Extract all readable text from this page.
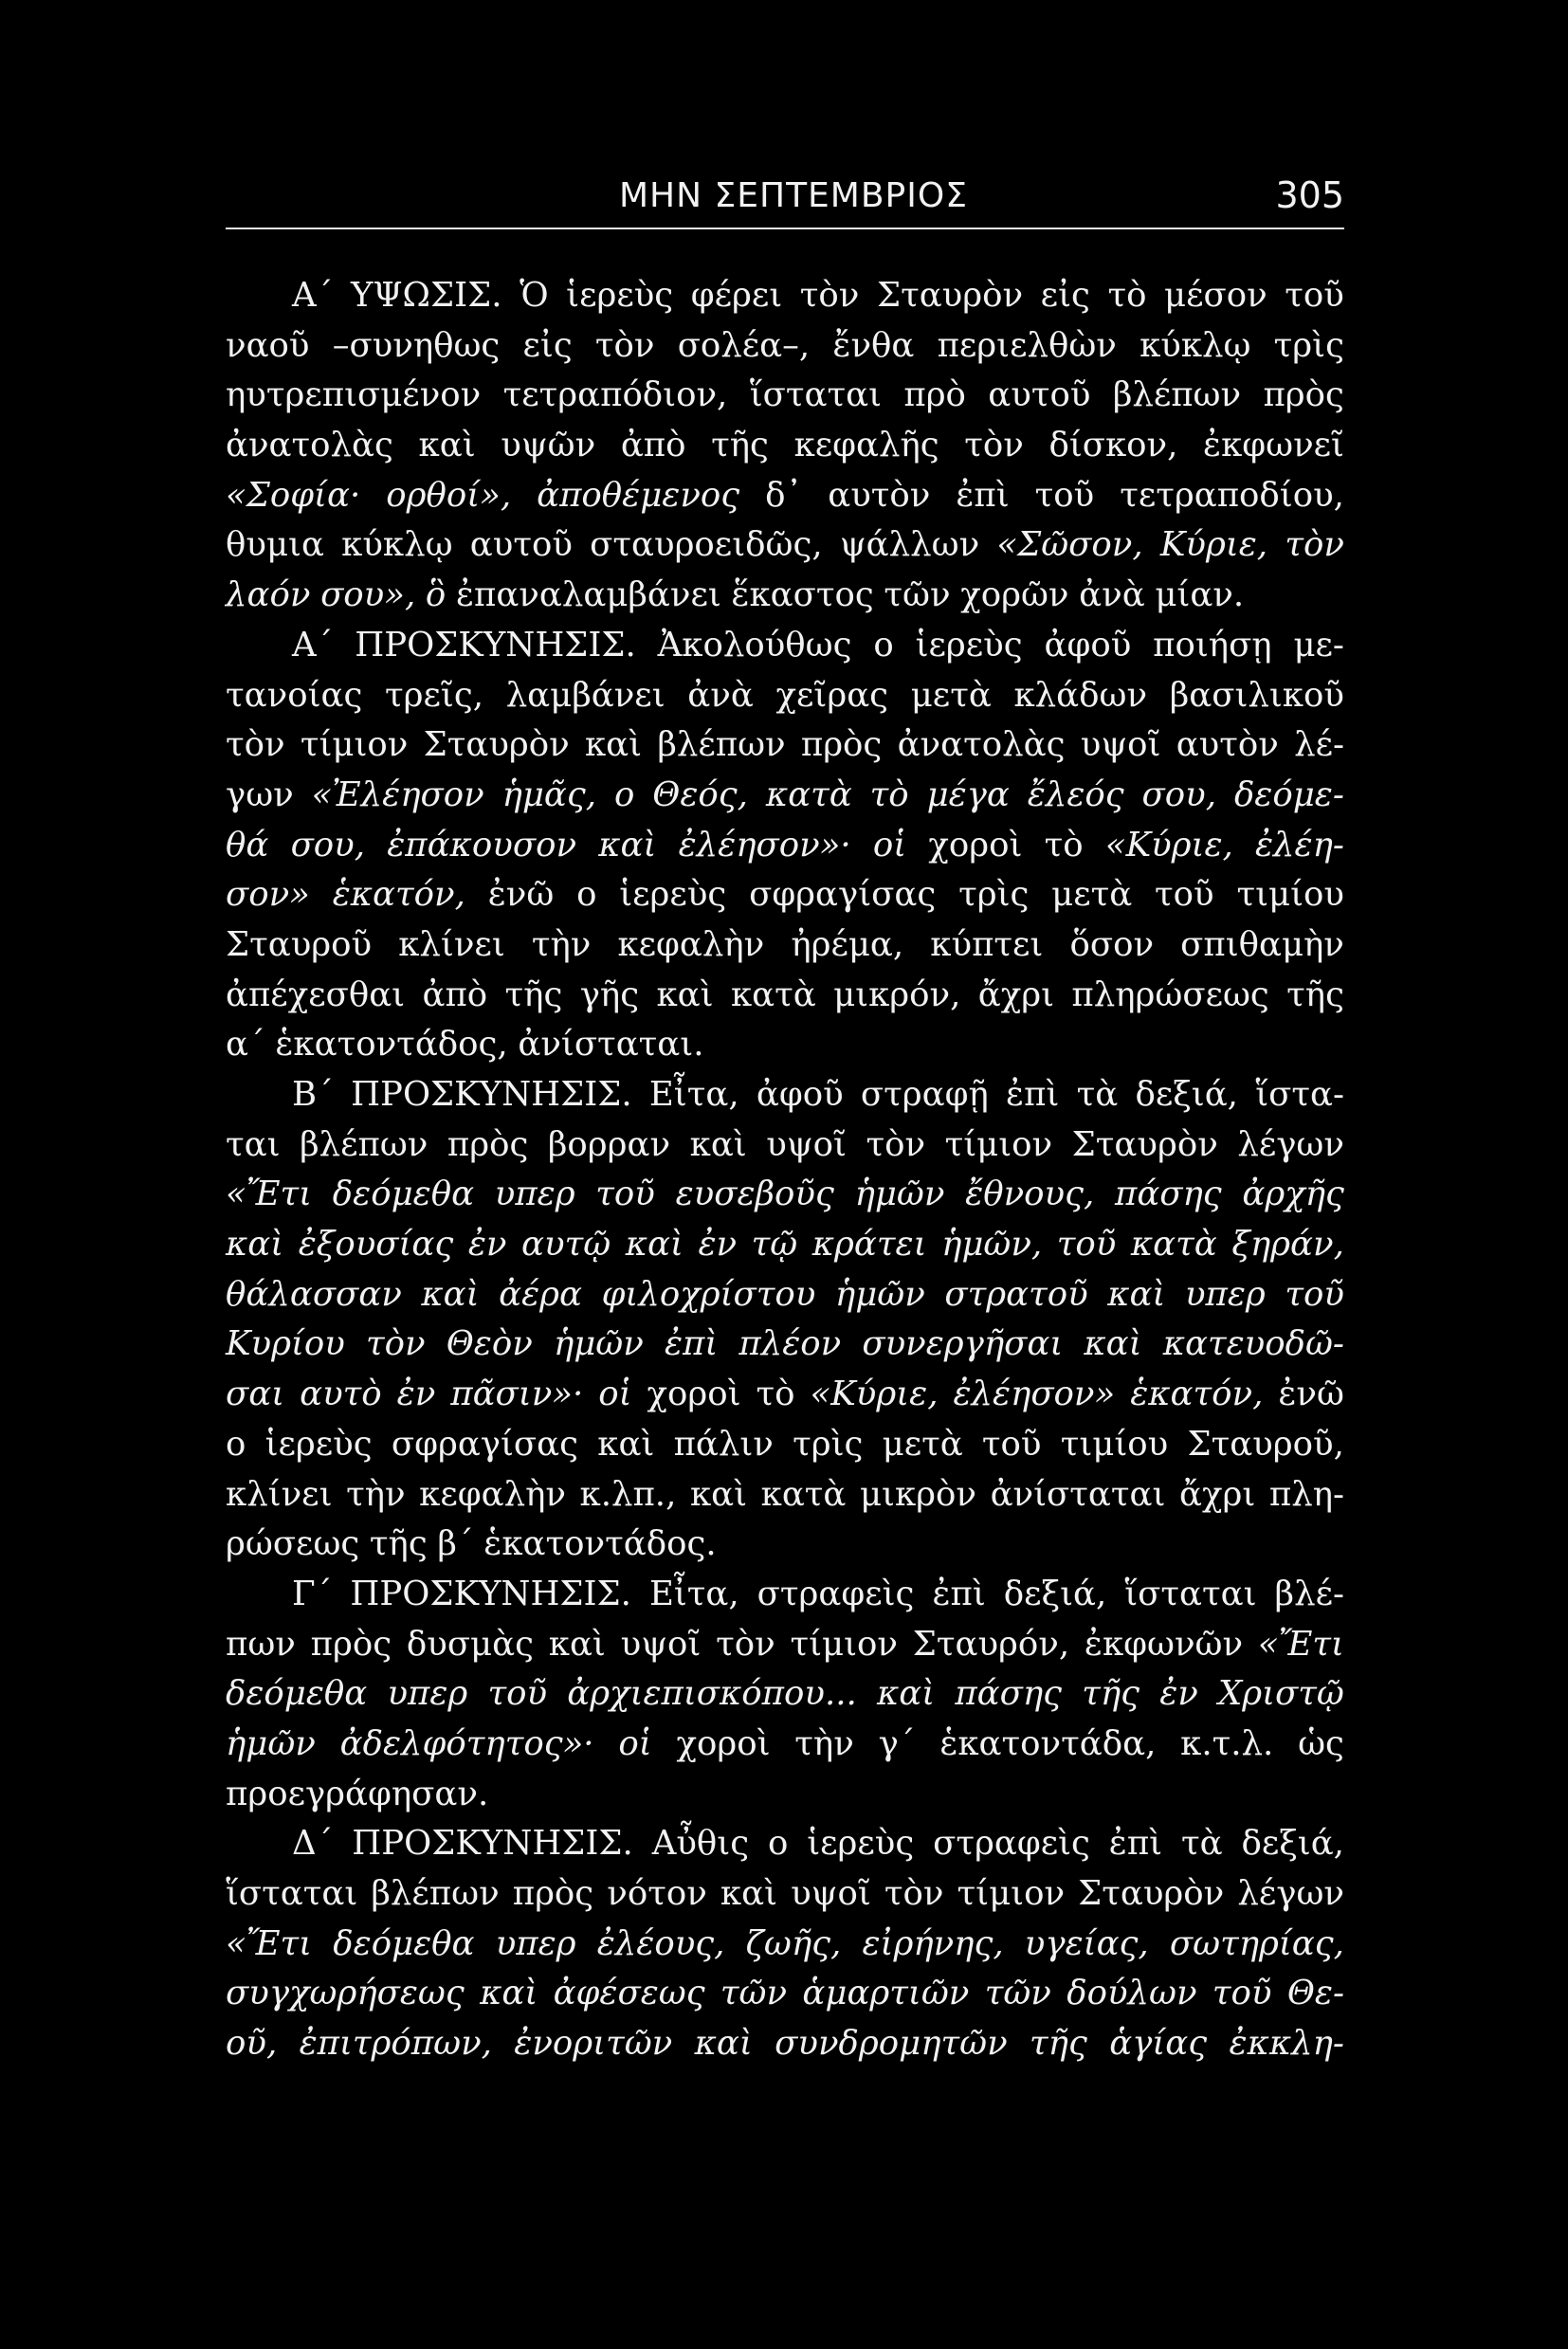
ΜΗΝ ΣΕΠΤΕΜΒΡΙΟΣ	305
Α΄ ΥΨΩΣΙΣ. Ὁ ἱερεὺς φέρει τὸν Σταυρὸν εἰς τὸ μέσον τοῦ
ναοῦ –συνηθως εἰς τὸν σολέα–, ἔνθα περιελθὼν κύκλῳ τρὶς
ηυτρεπισμένον τετραπόδιον, ἵσταται πρὸ αυτοῦ βλέπων πρὸς
ἀνατολὰς καὶ υψῶν ἀπὸ τῆς κεφαλῆς τὸν δίσκον, ἐκφωνεῖ
«Σοφία· ορθοί», ἀποθέμενος δ᾽ αυτὸν ἐπὶ τοῦ τετραποδίου,
θυμια κύκλῳ αυτοῦ σταυροειδῶς, ψάλλων «Σῶσον, Κύριε, τὸν
λαόν σου», ὃ ἐπαναλαμβάνει ἕκαστος τῶν χορῶν ἀνὰ μίαν.
Α΄ ΠΡΟΣΚΥΝΗΣΙΣ. Ἀκολούθως ο ἱερεὺς ἀφοῦ ποιήσῃ με-
τανοίας τρεῖς, λαμβάνει ἀνὰ χεῖρας μετὰ κλάδων βασιλικοῦ
τὸν τίμιον Σταυρὸν καὶ βλέπων πρὸς ἀνατολὰς υψοῖ αυτὸν λέ-
γων «Ἐλέησον ἡμᾶς, ο Θεός, κατὰ τὸ μέγα ἔλεός σου, δεόμε-
θά σου, ἐπάκουσον καὶ ἐλέησον»· οἱ χοροὶ τὸ «Κύριε, ἐλέη-
σον» ἑκατόν, ἐνῶ ο ἱερεὺς σφραγίσας τρὶς μετὰ τοῦ τιμίου
Σταυροῦ κλίνει τὴν κεφαλὴν ἠρέμα, κύπτει ὅσον σπιθαμὴν
ἀπέχεσθαι ἀπὸ τῆς γῆς καὶ κατὰ μικρόν, ἄχρι πληρώσεως τῆς
α΄ ἑκατοντάδος, ἀνίσταται.
Β΄ ΠΡΟΣΚΥΝΗΣΙΣ. Εἶτα, ἀφοῦ στραφῇ ἐπὶ τὰ δεξιά, ἵστα-
ται βλέπων πρὸς βορραν καὶ υψοῖ τὸν τίμιον Σταυρὸν λέγων
«Ἔτι δεόμεθα υπερ τοῦ ευσεβοῦς ἡμῶν ἔθνους, πάσης ἀρχῆς
καὶ ἐξουσίας ἐν αυτῷ καὶ ἐν τῷ κράτει ἡμῶν, τοῦ κατὰ ξηράν,
θάλασσαν καὶ ἀέρα φιλοχρίστου ἡμῶν στρατοῦ καὶ υπερ τοῦ
Κυρίου τὸν Θεὸν ἡμῶν ἐπὶ πλέον συνεργῆσαι καὶ κατευοδῶ-
σαι αυτὸ ἐν πᾶσιν»· οἱ χοροὶ τὸ «Κύριε, ἐλέησον» ἑκατόν, ἐνῶ
ο ἱερεὺς σφραγίσας καὶ πάλιν τρὶς μετὰ τοῦ τιμίου Σταυροῦ,
κλίνει τὴν κεφαλὴν κ.λπ., καὶ κατὰ μικρὸν ἀνίσταται ἄχρι πλη-
ρώσεως τῆς β΄ ἑκατοντάδος.
Γ΄ ΠΡΟΣΚΥΝΗΣΙΣ. Εἶτα, στραφεὶς ἐπὶ δεξιά, ἵσταται βλέ-
πων πρὸς δυσμὰς καὶ υψοῖ τὸν τίμιον Σταυρόν, ἐκφωνῶν «Ἔτι
δεόμεθα υπερ τοῦ ἀρχιεπισκόπου... καὶ πάσης τῆς ἐν Χριστῷ
ἡμῶν ἀδελφότητος»· οἱ χοροὶ τὴν γ΄ ἑκατοντάδα, κ.τ.λ. ὡς
προεγράφησαν.
Δ΄ ΠΡΟΣΚΥΝΗΣΙΣ. Αὖθις ο ἱερεὺς στραφεὶς ἐπὶ τὰ δεξιά,
ἵσταται βλέπων πρὸς νότον καὶ υψοῖ τὸν τίμιον Σταυρὸν λέγων
«Ἔτι δεόμεθα υπερ ἐλέους, ζωῆς, εἰρήνης, υγείας, σωτηρίας,
συγχωρήσεως καὶ ἀφέσεως τῶν ἁμαρτιῶν τῶν δούλων τοῦ Θε-
οῦ, ἐπιτρόπων, ἐνοριτῶν καὶ συνδρομητῶν τῆς ἁγίας ἐκκλη-
